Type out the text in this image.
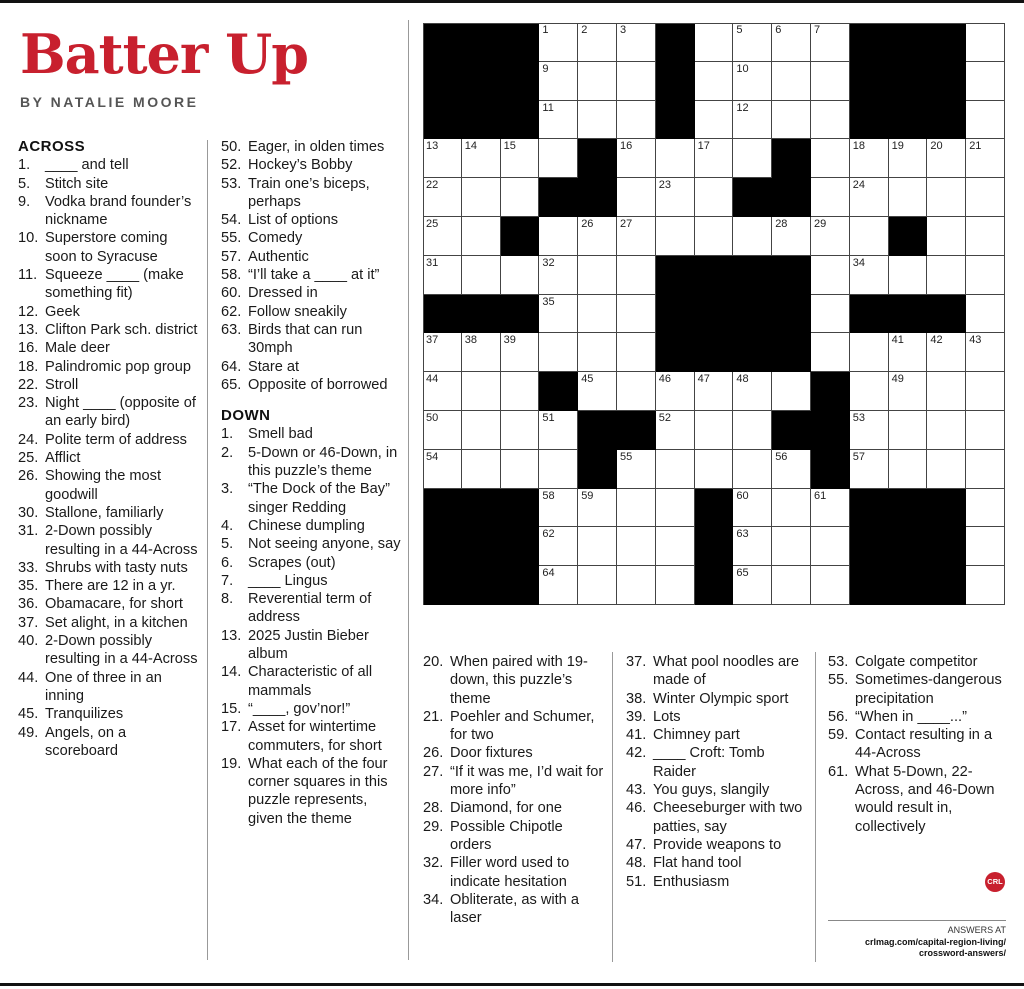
Batter Up
BY NATALIE MOORE
ACROSS
1.	____ and tell
5.	Stitch site
9.	Vodka brand founder’s nickname
10. Superstore coming soon to Syracuse
11. Squeeze ____ (make something fit)
12. Geek
13. Clifton Park sch. district
16. Male deer
18. Palindromic pop group
22. Stroll
23. Night ____ (opposite of an early bird)
24. Polite term of address
25. Afflict
26. Showing the most goodwill
30. Stallone, familiarly
31. 2-Down possibly resulting in a 44-Across
33. Shrubs with tasty nuts
35. There are 12 in a yr.
36. Obamacare, for short
37. Set alight, in a kitchen
40. 2-Down possibly resulting in a 44-Across
44. One of three in an inning
45. Tranquilizes
49. Angels, on a scoreboard
50. Eager, in olden times
52. Hockey’s Bobby
53. Train one’s biceps, perhaps
54. List of options
55. Comedy
57. Authentic
58. “I’ll take a ____ at it”
60. Dressed in
62. Follow sneakily
63. Birds that can run 30mph
64. Stare at
65. Opposite of borrowed
DOWN
1.	Smell bad
2.	5-Down or 46-Down, in this puzzle’s theme
3.	“The Dock of the Bay” singer Redding
4.	Chinese dumpling
5.	Not seeing anyone, say
6.	Scrapes (out)
7.	____ Lingus
8.	Reverential term of address
13. 2025 Justin Bieber album
14. Characteristic of all mammals
15. “____, gov’nor!”
17. Asset for wintertime commuters, for short
19. What each of the four corner squares in this puzzle represents, given the theme
20. When paired with 19-down, this puzzle’s theme
21. Poehler and Schumer, for two
26. Door fixtures
27. “If it was me, I’d wait for more info”
28. Diamond, for one
29. Possible Chipotle orders
32. Filler word used to indicate hesitation
34. Obliterate, as with a laser
37. What pool noodles are made of
38. Winter Olympic sport
39. Lots
41. Chimney part
42. ____ Croft: Tomb Raider
43. You guys, slangily
46. Cheeseburger with two patties, say
47. Provide weapons to
48. Flat hand tool
51. Enthusiasm
53. Colgate competitor
55. Sometimes-dangerous precipitation
56. “When in ____...”
59. Contact resulting in a 44-Across
61. What 5-Down, 22-Across, and 46-Down would result in, collectively
1	2	3	5	6	7
9	10
11	12
13 14 15	16	17	18 19 20 21
22	23	24
25	26 27	28 29
31	32	34
35
37 38 39	41 42 43
44	45	46 47 48	49
50	51	52	53
54	55	56	57
58 59	60	61
62	63
64	65
CRL
ANSWERS AT
crlmag.com/capital-region-living/
crossword-answers/
